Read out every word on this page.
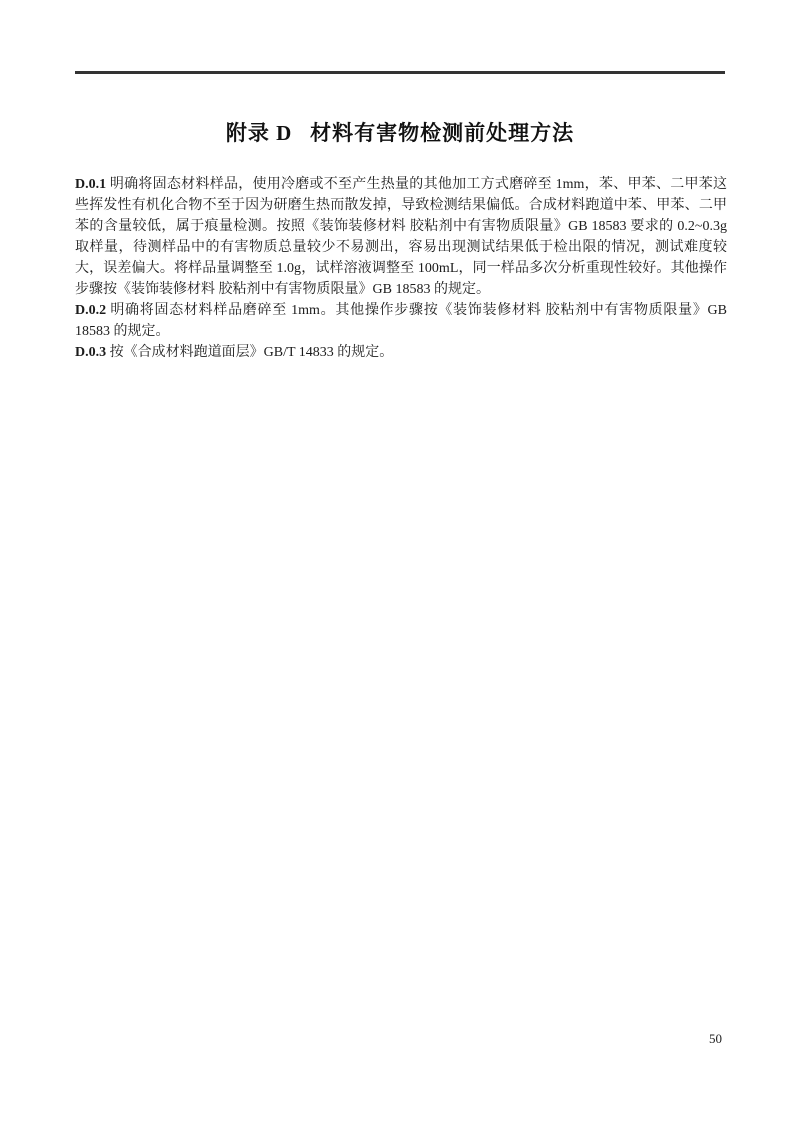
附录 D 材料有害物检测前处理方法

D.0.1 明确将固态材料样品，使用冷磨或不至产生热量的其他加工方式磨碎至 1mm，苯、甲苯、二甲苯这些挥发性有机化合物不至于因为研磨生热而散发掉，导致检测结果偏低。合成材料跑道中苯、甲苯、二甲苯的含量较低，属于痕量检测。按照《装饰装修材料 胶粘剂中有害物质限量》GB 18583 要求的 0.2~0.3g 取样量，待测样品中的有害物质总量较少不易测出，容易出现测试结果低于检出限的情况，测试难度较大，误差偏大。将样品量调整至 1.0g，试样溶液调整至 100mL，同一样品多次分析重现性较好。其他操作步骤按《装饰装修材料 胶粘剂中有害物质限量》GB 18583 的规定。

D.0.2 明确将固态材料样品磨碎至 1mm。其他操作步骤按《装饰装修材料 胶粘剂中有害物质限量》GB 18583 的规定。

D.0.3 按《合成材料跑道面层》GB/T 14833 的规定。

50
